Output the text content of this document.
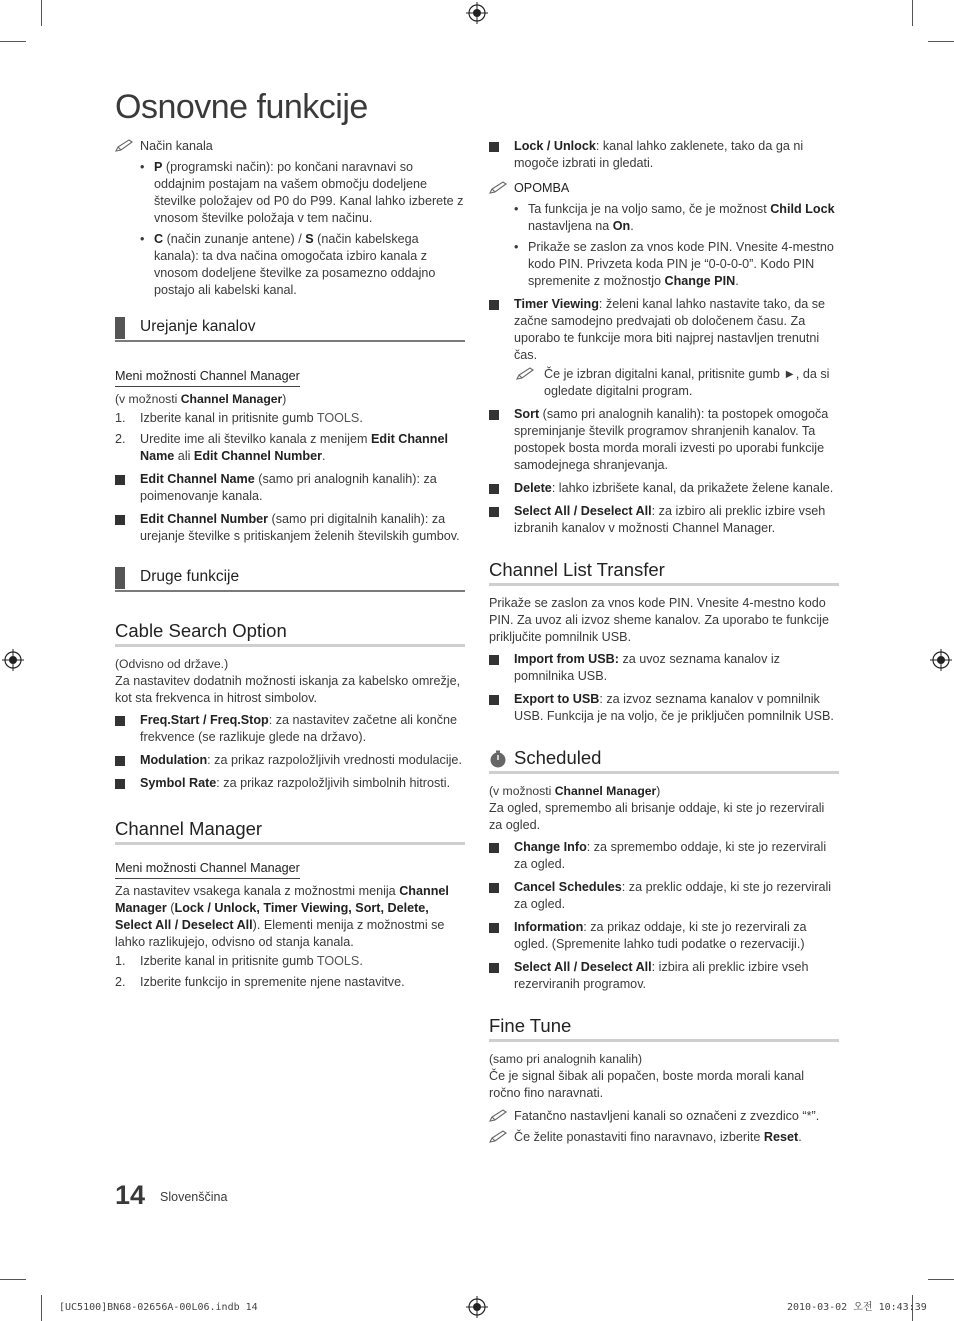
Osnovne funkcije
Način kanala
• P (programski način): po končani naravnavi so oddajnim postajam na vašem območju dodeljene številke položajev od P0 do P99. Kanal lahko izberete z vnosom številke položaja v tem načinu.
• C (način zunanje antene) / S (način kabelskega kanala): ta dva načina omogočata izbiro kanala z vnosom dodeljene številke za posamezno oddajno postajo ali kabelski kanal.
Urejanje kanalov
Meni možnosti Channel Manager

(v možnosti Channel Manager)

1. Izberite kanal in pritisnite gumb TOOLS.
2. Uredite ime ali številko kanala z menijem Edit Channel Name ali Edit Channel Number.
Edit Channel Name (samo pri analognih kanalih): za poimenovanje kanala.
Edit Channel Number (samo pri digitalnih kanalih): za urejanje številke s pritiskanjem želenih številskih gumbov.
Druge funkcije
Cable Search Option

(Odvisno od države.)

Za nastavitev dodatnih možnosti iskanja za kabelsko omrežje, kot sta frekvenca in hitrost simbolov.

Freq.Start / Freq.Stop: za nastavitev začetne ali končne frekvence (se razlikuje glede na državo).
Modulation: za prikaz razpoložljivih vrednosti modulacije.
Symbol Rate: za prikaz razpoložljivih simbolnih hitrosti.
Channel Manager
Meni možnosti Channel Manager

Za nastavitev vsakega kanala z možnostmi menija Channel Manager (Lock / Unlock, Timer Viewing, Sort, Delete, Select All / Deselect All). Elementi menija z možnostmi se lahko razlikujejo, odvisno od stanja kanala.

1. Izberite kanal in pritisnite gumb TOOLS.
2. Izberite funkcijo in spremenite njene nastavitve.
Lock / Unlock: kanal lahko zaklenete, tako da ga ni mogoče izbrati in gledati.
OPOMBA
• Ta funkcija je na voljo samo, če je možnost Child Lock nastavljena na On.
• Prikaže se zaslon za vnos kode PIN. Vnesite 4-mestno kodo PIN. Privzeta koda PIN je “0-0-0-0”. Kodo PIN spremenite z možnostjo Change PIN.
Timer Viewing: želeni kanal lahko nastavite tako, da se začne samodejno predvajati ob določenem času. Za uporabo te funkcije mora biti najprej nastavljen trenutni čas.
Če je izbran digitalni kanal, pritisnite gumb ►, da si ogledate digitalni program.
Sort (samo pri analognih kanalih): ta postopek omogoča spreminjanje številk programov shranjenih kanalov. Ta postopek bosta morda morali izvesti po uporabi funkcije samodejnega shranjevanja.
Delete: lahko izbrišete kanal, da prikažete želene kanale.
Select All / Deselect All: za izbiro ali preklic izbire vseh izbranih kanalov v možnosti Channel Manager.
Channel List Transfer

Prikaže se zaslon za vnos kode PIN. Vnesite 4-mestno kodo PIN. Za uvoz ali izvoz sheme kanalov. Za uporabo te funkcije priključite pomnilnik USB.

Import from USB: za uvoz seznama kanalov iz pomnilnika USB.
Export to USB: za izvoz seznama kanalov v pomnilnik USB. Funkcija je na voljo, če je priključen pomnilnik USB.
Scheduled

(v možnosti Channel Manager)

Za ogled, spremembo ali brisanje oddaje, ki ste jo rezervirali za ogled.

Change Info: za spremembo oddaje, ki ste jo rezervirali za ogled.
Cancel Schedules: za preklic oddaje, ki ste jo rezervirali za ogled.
Information: za prikaz oddaje, ki ste jo rezervirali za ogled. (Spremenite lahko tudi podatke o rezervaciji.)
Select All / Deselect All: izbira ali preklic izbire vseh rezerviranih programov.
Fine Tune

(samo pri analognih kanalih)

Če je signal šibak ali popačen, boste morda morali kanal ročno fino naravnati.

Fatančno nastavljeni kanali so označeni z zvezdico “*”.
Če želite ponastaviti fino naravnavo, izberite Reset.
14 Slovenščina
[UC5100]BN68-02656A-00L06.indb 14	2010-03-02 오전 10:43:39
